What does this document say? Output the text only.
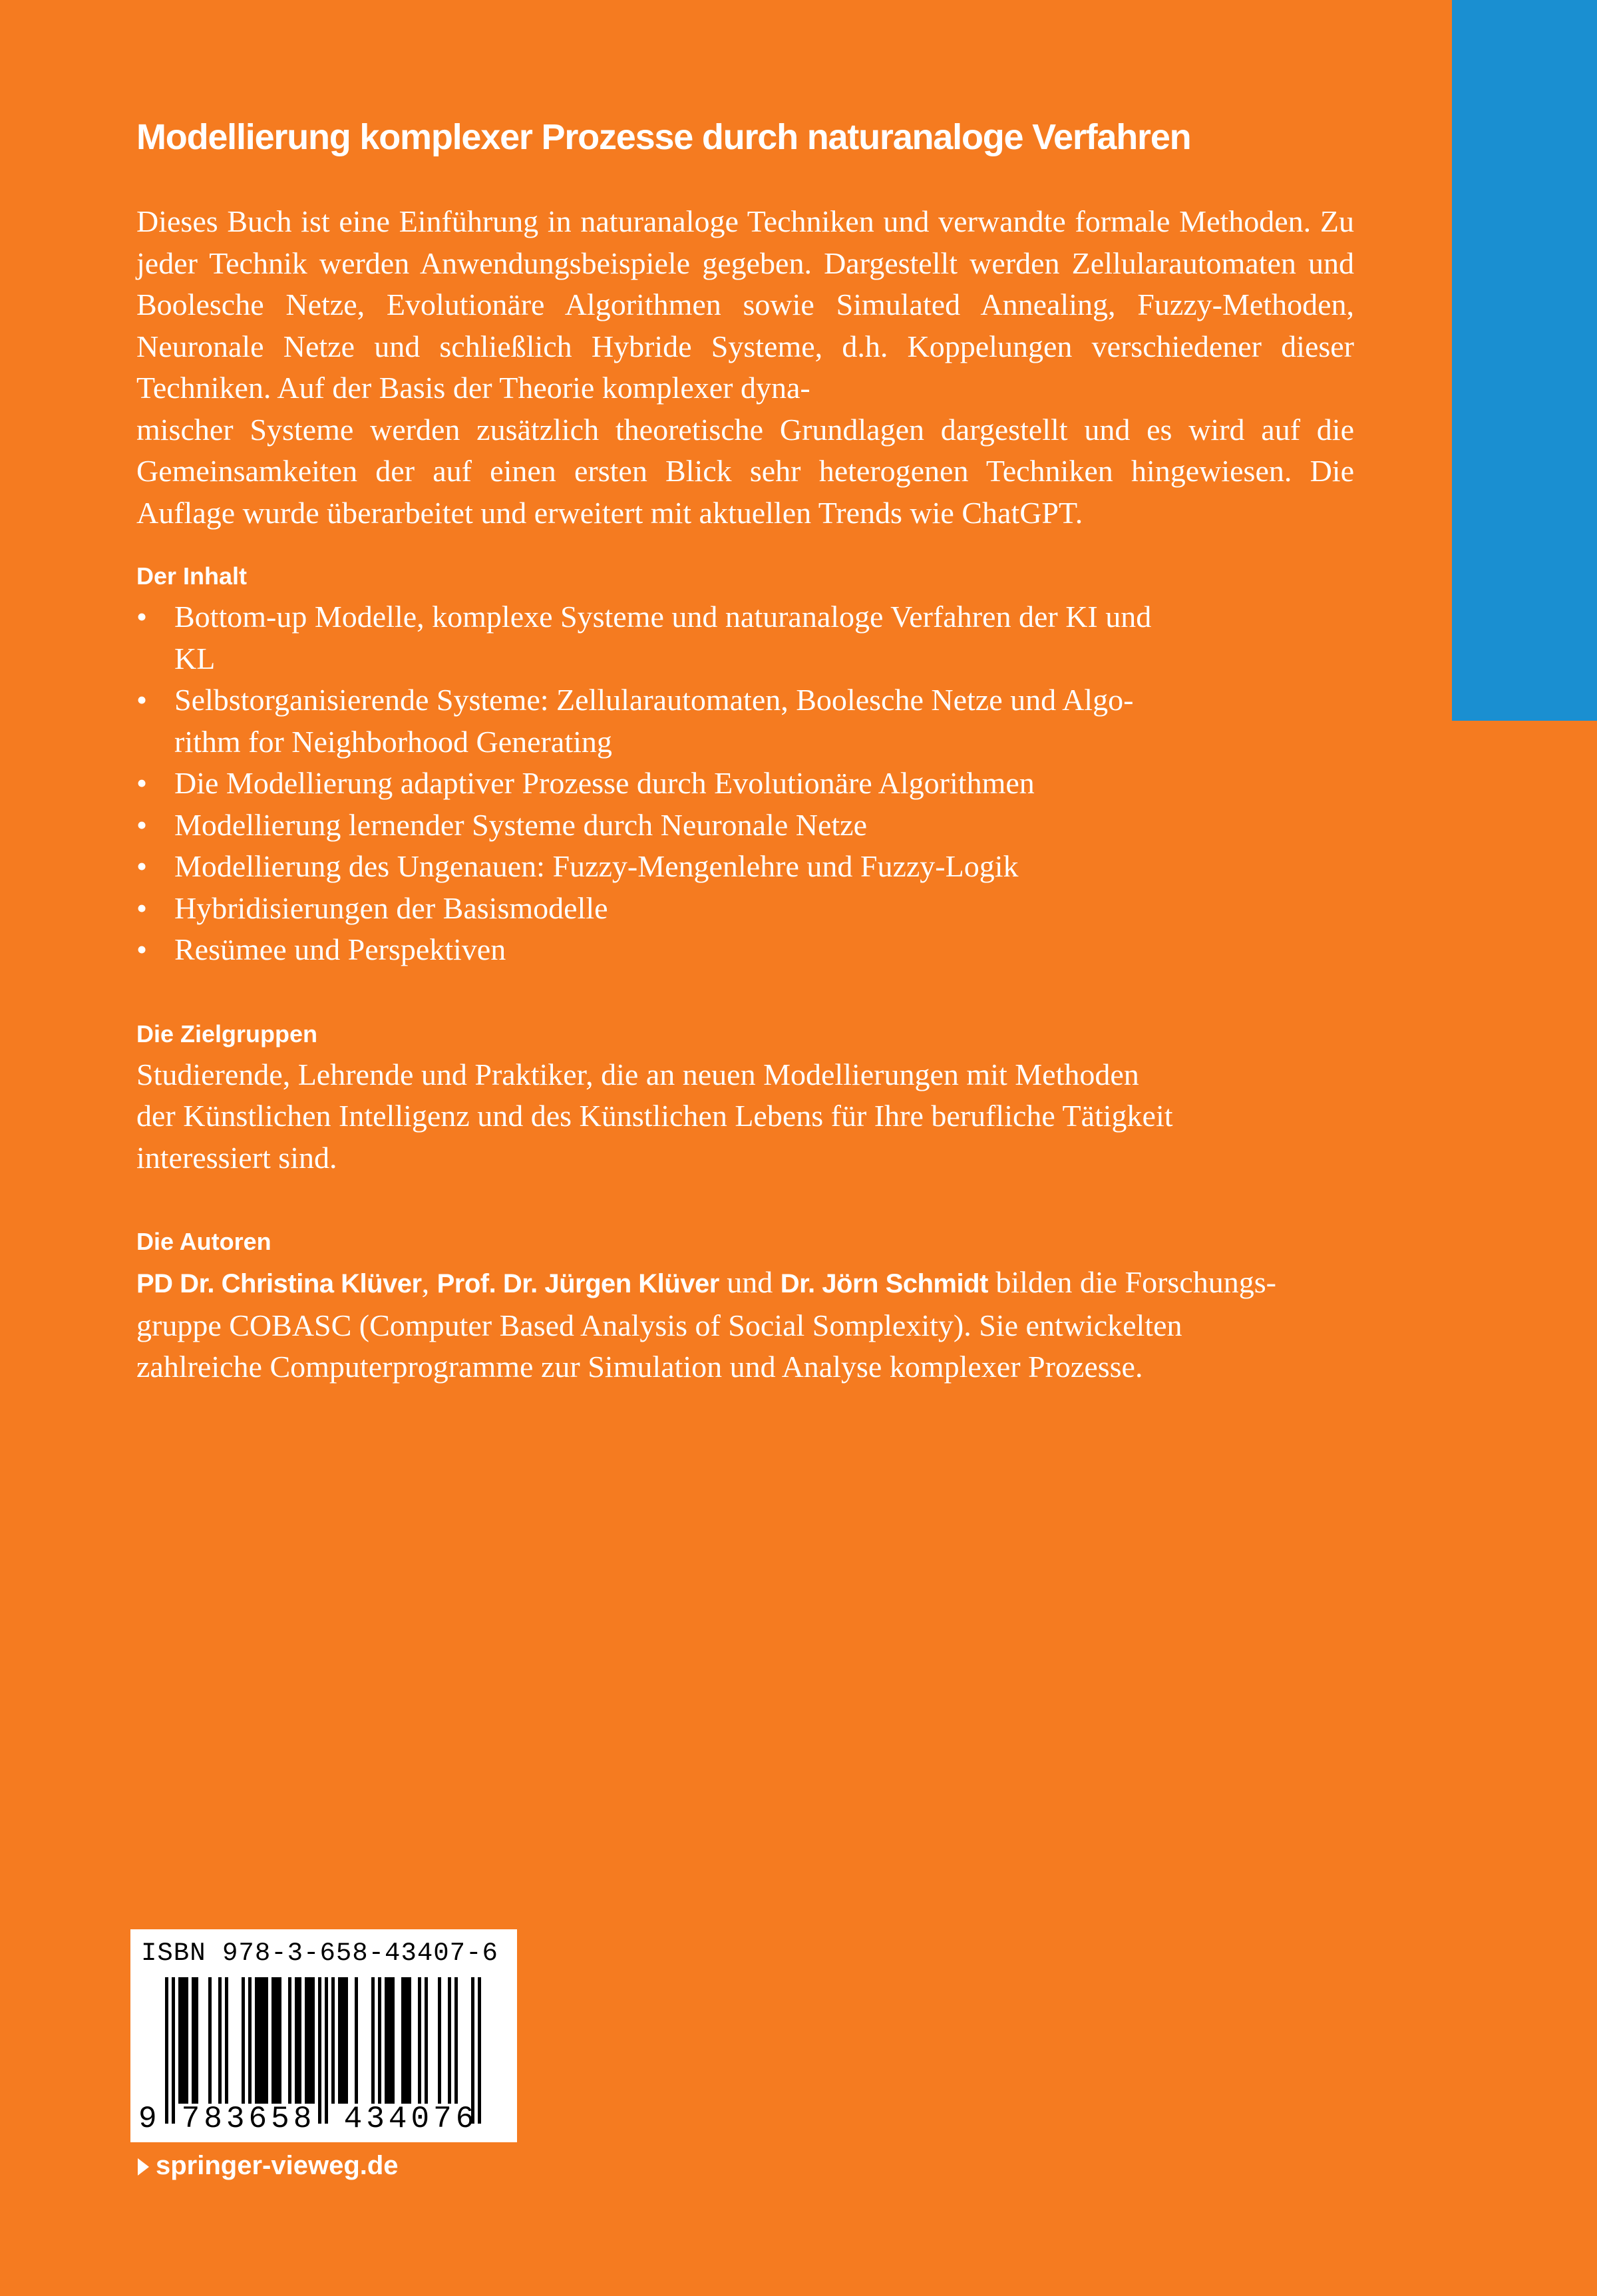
Modellierung komplexer Prozesse durch naturanaloge Verfahren

Dieses Buch ist eine Einführung in naturanaloge Techniken und verwandte formale Methoden. Zu jeder Technik werden Anwendungsbeispiele gegeben. Dargestellt werden Zellularautomaten und Boolesche Netze, Evolutionäre Algorithmen sowie Simulated Annealing, Fuzzy-Methoden, Neuronale Netze und schließlich Hybride Systeme, d.h. Koppelungen verschiedener dieser Techniken. Auf der Basis der Theorie komplexer dyna-
mischer Systeme werden zusätzlich theoretische Grundlagen dargestellt und es wird auf die Gemeinsamkeiten der auf einen ersten Blick sehr heterogenen Techniken hingewiesen. Die Auflage wurde überarbeitet und erweitert mit aktuellen Trends wie ChatGPT.

Der Inhalt
• Bottom-up Modelle, komplexe Systeme und naturanaloge Verfahren der KI und
KL
• Selbstorganisierende Systeme: Zellularautomaten, Boolesche Netze und Algo-
rithm for Neighborhood Generating
• Die Modellierung adaptiver Prozesse durch Evolutionäre Algorithmen
• Modellierung lernender Systeme durch Neuronale Netze
• Modellierung des Ungenauen: Fuzzy-Mengenlehre und Fuzzy-Logik
• Hybridisierungen der Basismodelle
• Resümee und Perspektiven
Die Zielgruppen

Studierende, Lehrende und Praktiker, die an neuen Modellierungen mit Methoden
der Künstlichen Intelligenz und des Künstlichen Lebens für Ihre berufliche Tätigkeit
interessiert sind.

Die Autoren

PD Dr. Christina Klüver, Prof. Dr. Jürgen Klüver und Dr. Jörn Schmidt bilden die Forschungs-
gruppe COBASC (Computer Based Analysis of Social Somplexity). Sie entwickelten
zahlreiche Computerprogramme zur Simulation und Analyse komplexer Prozesse.

ISBN 978-3-658-43407-6
9 783658 434076
springer-vieweg.de
